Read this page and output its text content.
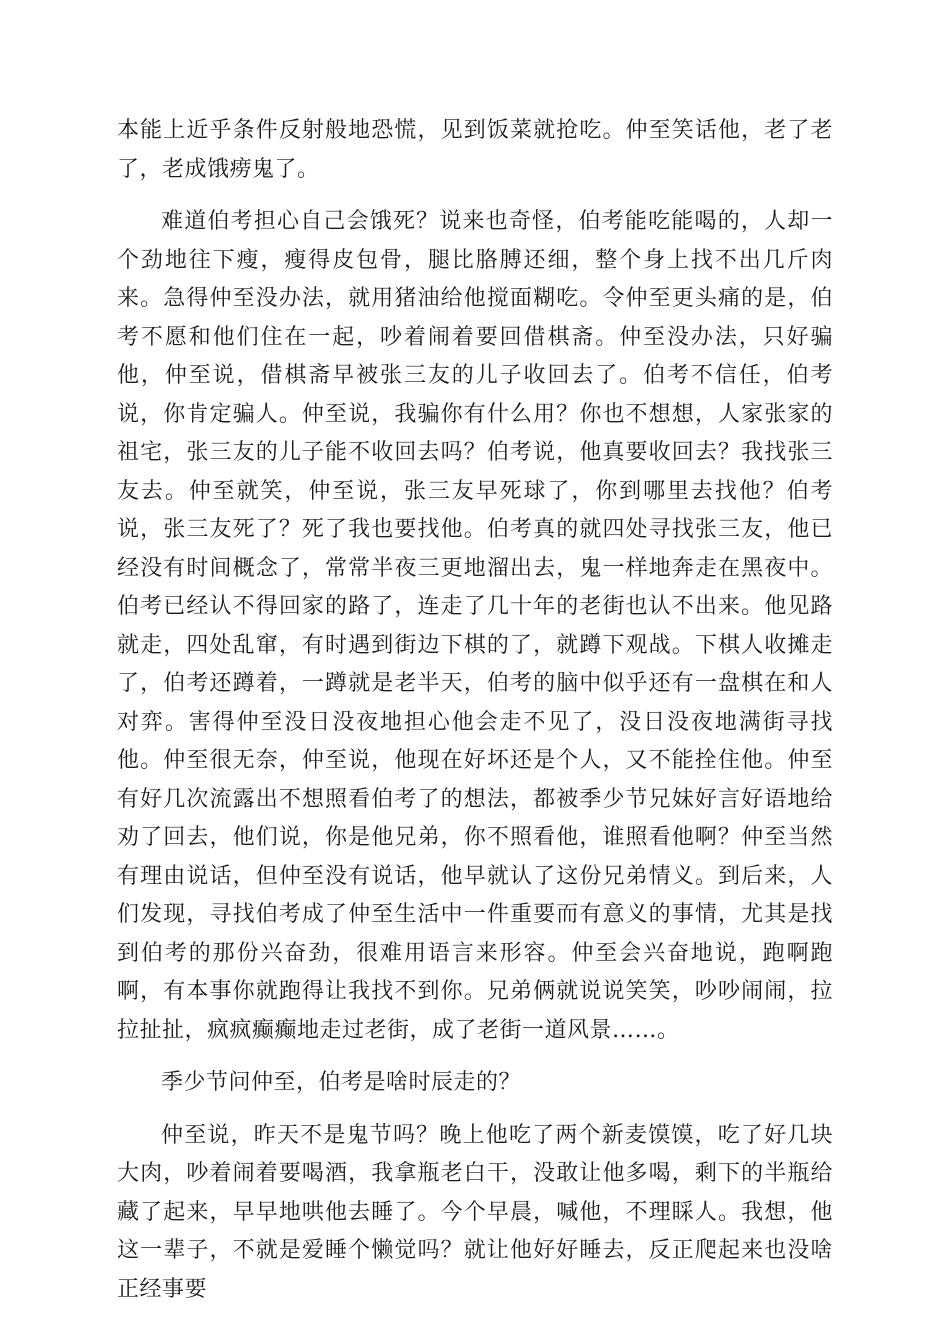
本能上近乎条件反射般地恐慌，见到饭菜就抢吃。仲至笑话他，老了老了，老成饿痨鬼了。

难道伯考担心自己会饿死？说来也奇怪，伯考能吃能喝的，人却一个劲地往下瘦，瘦得皮包骨，腿比胳膊还细，整个身上找不出几斤肉来。急得仲至没办法，就用猪油给他搅面糊吃。令仲至更头痛的是，伯考不愿和他们住在一起，吵着闹着要回借棋斋。仲至没办法，只好骗他，仲至说，借棋斋早被张三友的儿子收回去了。伯考不信任，伯考说，你肯定骗人。仲至说，我骗你有什么用？你也不想想，人家张家的祖宅，张三友的儿子能不收回去吗？伯考说，他真要收回去？我找张三友去。仲至就笑，仲至说，张三友早死球了，你到哪里去找他？伯考说，张三友死了？死了我也要找他。伯考真的就四处寻找张三友，他已经没有时间概念了，常常半夜三更地溜出去，鬼一样地奔走在黑夜中。伯考已经认不得回家的路了，连走了几十年的老街也认不出来。他见路就走，四处乱窜，有时遇到街边下棋的了，就蹲下观战。下棋人收摊走了，伯考还蹲着，一蹲就是老半天，伯考的脑中似乎还有一盘棋在和人对弈。害得仲至没日没夜地担心他会走不见了，没日没夜地满街寻找他。仲至很无奈，仲至说，他现在好坏还是个人，又不能拴住他。仲至有好几次流露出不想照看伯考了的想法，都被季少节兄妹好言好语地给劝了回去，他们说，你是他兄弟，你不照看他，谁照看他啊？仲至当然有理由说话，但仲至没有说话，他早就认了这份兄弟情义。到后来，人们发现，寻找伯考成了仲至生活中一件重要而有意义的事情，尤其是找到伯考的那份兴奋劲，很难用语言来形容。仲至会兴奋地说，跑啊跑啊，有本事你就跑得让我找不到你。兄弟俩就说说笑笑，吵吵闹闹，拉拉扯扯，疯疯癫癫地走过老街，成了老街一道风景……。

季少节问仲至，伯考是啥时辰走的？

仲至说，昨天不是鬼节吗？晚上他吃了两个新麦馍馍，吃了好几块大肉，吵着闹着要喝酒，我拿瓶老白干，没敢让他多喝，剩下的半瓶给藏了起来，早早地哄他去睡了。今个早晨，喊他，不理睬人。我想，他这一辈子，不就是爱睡个懒觉吗？就让他好好睡去，反正爬起来也没啥正经事要
